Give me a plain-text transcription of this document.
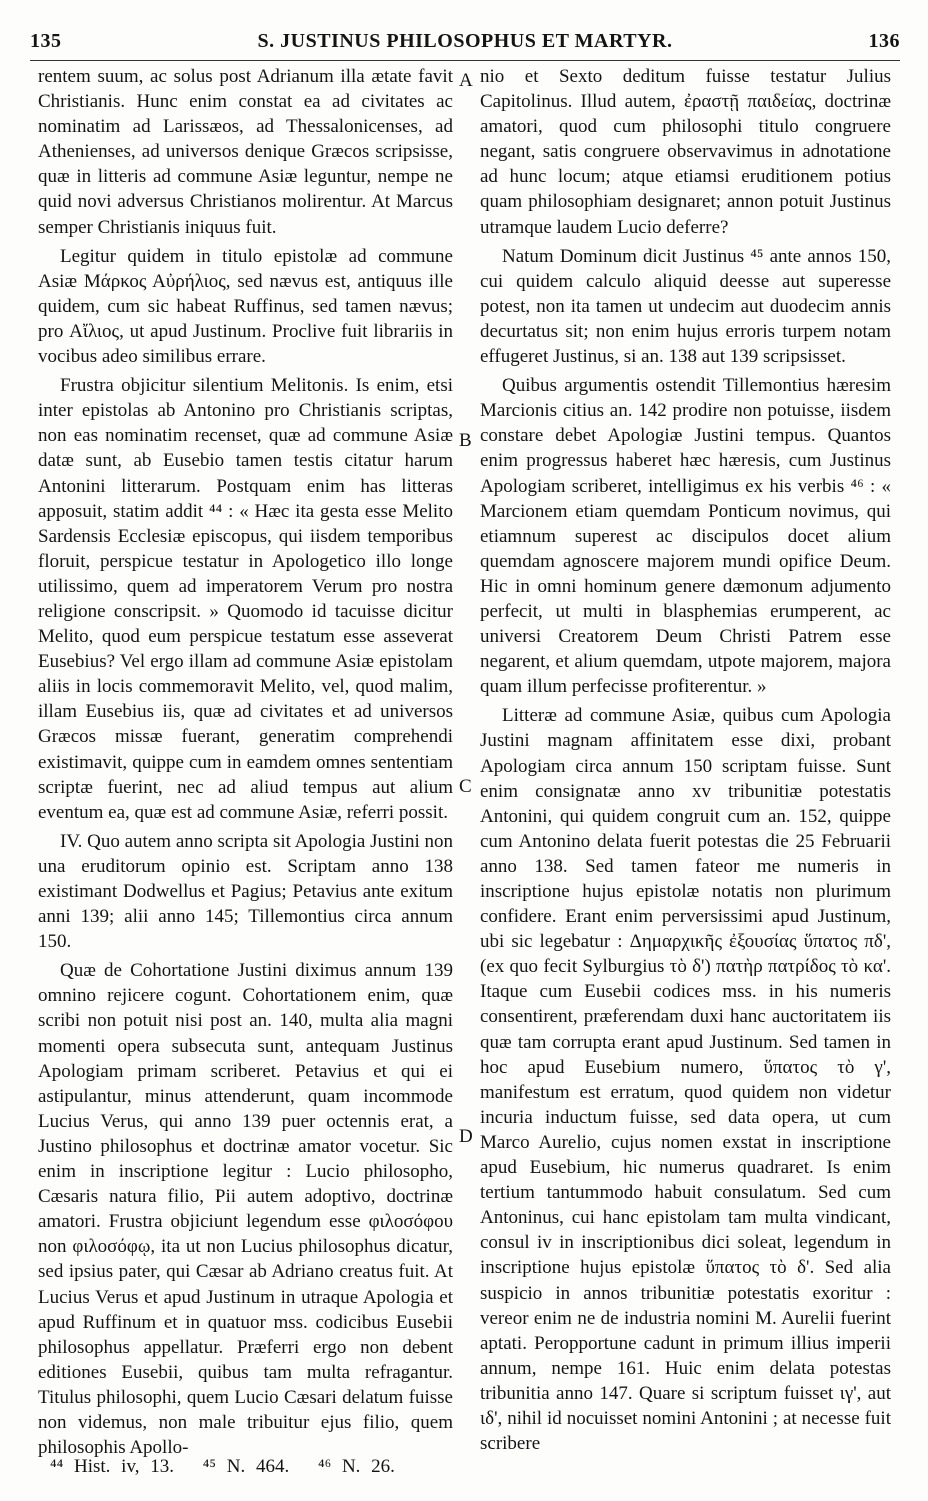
135	S. JUSTINUS PHILOSOPHUS ET MARTYR.	136

rentem suum, ac solus post Adrianum illa ætate favit Christianis. Hunc enim constat ea ad civitates ac nominatim ad Larissæos, ad Thessalonicenses, ad Athenienses, ad universos denique Græcos scripsisse, quæ in litteris ad commune Asiæ leguntur, nempe ne quid novi adversus Christianos molirentur. At Marcus semper Christianis iniquus fuit.

Legitur quidem in titulo epistolæ ad commune Asiæ Μάρκος Αὐρήλιος, sed nævus est, antiquus ille quidem, cum sic habeat Ruffinus, sed tamen nævus; pro Αἴλιος, ut apud Justinum. Proclive fuit librariis in vocibus adeo similibus errare.

Frustra objicitur silentium Melitonis. Is enim, etsi inter epistolas ab Antonino pro Christianis scriptas, non eas nominatim recenset, quæ ad commune Asiæ datæ sunt, ab Eusebio tamen testis citatur harum Antonini litterarum. Postquam enim has litteras apposuit, statim addit ⁴⁴ : « Hæc ita gesta esse Melito Sardensis Ecclesiæ episcopus, qui iisdem temporibus floruit, perspicue testatur in Apologetico illo longe utilissimo, quem ad imperatorem Verum pro nostra religione conscripsit. » Quomodo id tacuisse dicitur Melito, quod eum perspicue testatum esse asseverat Eusebius? Vel ergo illam ad commune Asiæ epistolam aliis in locis commemoravit Melito, vel, quod malim, illam Eusebius iis, quæ ad civitates et ad universos Græcos missæ fuerant, generatim comprehendi existimavit, quippe cum in eamdem omnes sententiam scriptæ fuerint, nec ad aliud tempus aut alium eventum ea, quæ est ad commune Asiæ, referri possit.

IV. Quo autem anno scripta sit Apologia Justini non una eruditorum opinio est. Scriptam anno 138 existimant Dodwellus et Pagius; Petavius ante exitum anni 139; alii anno 145; Tillemontius circa annum 150.

Quæ de Cohortatione Justini diximus annum 139 omnino rejicere cogunt. Cohortationem enim, quæ scribi non potuit nisi post an. 140, multa alia magni momenti opera subsecuta sunt, antequam Justinus Apologiam primam scriberet. Petavius et qui ei astipulantur, minus attenderunt, quam incommode Lucius Verus, qui anno 139 puer octennis erat, a Justino philosophus et doctrinæ amator vocetur. Sic enim in inscriptione legitur : Lucio philosopho, Cæsaris natura filio, Pii autem adoptivo, doctrinæ amatori. Frustra objiciunt legendum esse φιλοσόφου non φιλοσόφῳ, ita ut non Lucius philosophus dicatur, sed ipsius pater, qui Cæsar ab Adriano creatus fuit. At Lucius Verus et apud Justinum in utraque Apologia et apud Ruffinum et in quatuor mss. codicibus Eusebii philosophus appellatur. Præferri ergo non debent editiones Eusebii, quibus tam multa refragantur. Titulus philosophi, quem Lucio Cæsari delatum fuisse non videmus, non male tribuitur ejus filio, quem philosophis Apollo-

A
B
C
D

nio et Sexto deditum fuisse testatur Julius Capitolinus. Illud autem, ἐραστῇ παιδείας, doctrinæ amatori, quod cum philosophi titulo congruere negant, satis congruere observavimus in adnotatione ad hunc locum; atque etiamsi eruditionem potius quam philosophiam designaret; annon potuit Justinus utramque laudem Lucio deferre?

Natum Dominum dicit Justinus ⁴⁵ ante annos 150, cui quidem calculo aliquid deesse aut superesse potest, non ita tamen ut undecim aut duodecim annis decurtatus sit; non enim hujus erroris turpem notam effugeret Justinus, si an. 138 aut 139 scripsisset.

Quibus argumentis ostendit Tillemontius hæresim Marcionis citius an. 142 prodire non potuisse, iisdem constare debet Apologiæ Justini tempus. Quantos enim progressus haberet hæc hæresis, cum Justinus Apologiam scriberet, intelligimus ex his verbis ⁴⁶ : « Marcionem etiam quemdam Ponticum novimus, qui etiamnum superest ac discipulos docet alium quemdam agnoscere majorem mundi opifice Deum. Hic in omni hominum genere dæmonum adjumento perfecit, ut multi in blasphemias erumperent, ac universi Creatorem Deum Christi Patrem esse negarent, et alium quemdam, utpote majorem, majora quam illum perfecisse profiterentur. »

Litteræ ad commune Asiæ, quibus cum Apologia Justini magnam affinitatem esse dixi, probant Apologiam circa annum 150 scriptam fuisse. Sunt enim consignatæ anno xv tribunitiæ potestatis Antonini, qui quidem congruit cum an. 152, quippe cum Antonino delata fuerit potestas die 25 Februarii anno 138. Sed tamen fateor me numeris in inscriptione hujus epistolæ notatis non plurimum confidere. Erant enim perversissimi apud Justinum, ubi sic legebatur : Δημαρχικῆς ἐξουσίας ὕπατος πδ', (ex quo fecit Sylburgius τὸ δ') πατὴρ πατρίδος τὸ κα'. Itaque cum Eusebii codices mss. in his numeris consentirent, præferendam duxi hanc auctoritatem iis quæ tam corrupta erant apud Justinum. Sed tamen in hoc apud Eusebium numero, ὕπατος τὸ γ', manifestum est erratum, quod quidem non videtur incuria inductum fuisse, sed data opera, ut cum Marco Aurelio, cujus nomen exstat in inscriptione apud Eusebium, hic numerus quadraret. Is enim tertium tantummodo habuit consulatum. Sed cum Antoninus, cui hanc epistolam tam multa vindicant, consul iv in inscriptionibus dici soleat, legendum in inscriptione hujus epistolæ ὕπατος τὸ δ'. Sed alia suspicio in annos tribunitiæ potestatis exoritur : vereor enim ne de industria nomini M. Aurelii fuerint aptati. Peropportune cadunt in primum illius imperii annum, nempe 161. Huic enim delata potestas tribunitia anno 147. Quare si scriptum fuisset ιγ', aut ιδ', nihil id nocuisset nomini Antonini ; at necesse fuit scribere

⁴⁴ Hist. iv, 13. ⁴⁵ N. 464. ⁴⁶ N. 26.
